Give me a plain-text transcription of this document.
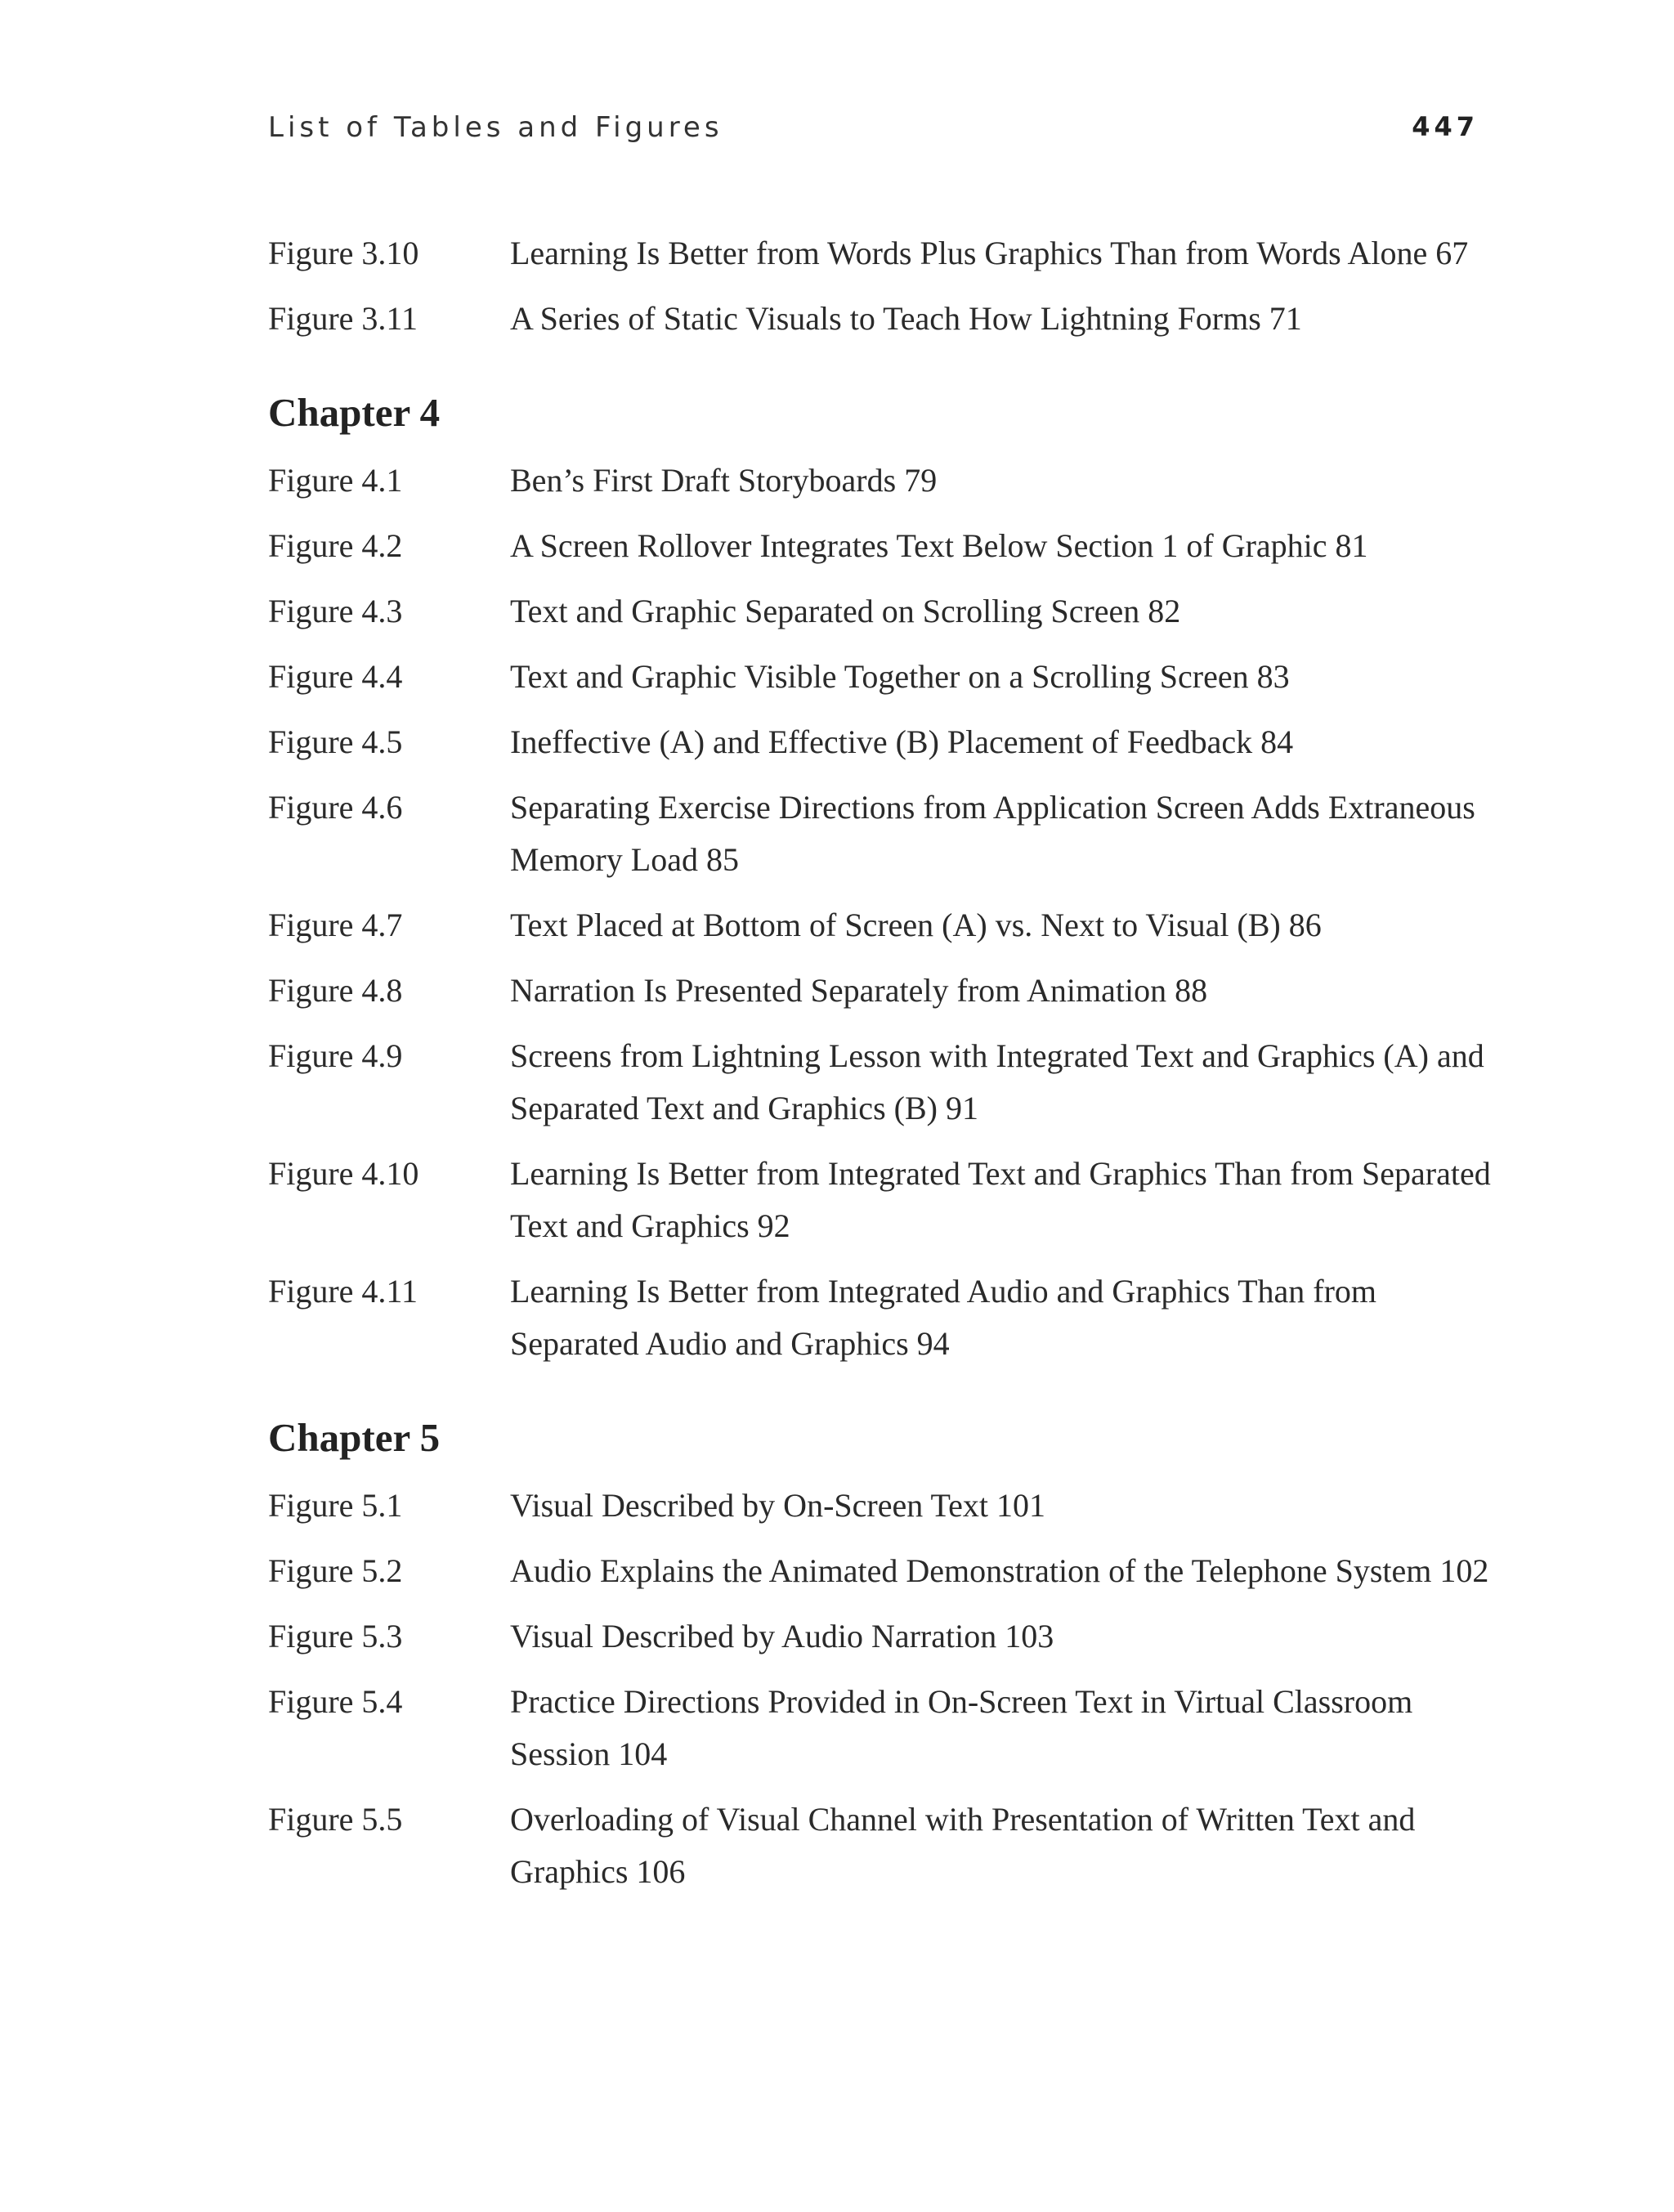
List of Tables and Figures	447
Figure 3.10	Learning Is Better from Words Plus Graphics Than from Words Alone 67
Figure 3.11	A Series of Static Visuals to Teach How Lightning Forms 71
Chapter 4
Figure 4.1	Ben’s First Draft Storyboards 79
Figure 4.2	A Screen Rollover Integrates Text Below Section 1 of Graphic 81
Figure 4.3	Text and Graphic Separated on Scrolling Screen 82
Figure 4.4	Text and Graphic Visible Together on a Scrolling Screen 83
Figure 4.5	Ineffective (A) and Effective (B) Placement of Feedback 84
Figure 4.6	Separating Exercise Directions from Application Screen Adds Extraneous Memory Load 85
Figure 4.7	Text Placed at Bottom of Screen (A) vs. Next to Visual (B) 86
Figure 4.8	Narration Is Presented Separately from Animation 88
Figure 4.9	Screens from Lightning Lesson with Integrated Text and Graphics (A) and Separated Text and Graphics (B) 91
Figure 4.10	Learning Is Better from Integrated Text and Graphics Than from Separated Text and Graphics 92
Figure 4.11	Learning Is Better from Integrated Audio and Graphics Than from Separated Audio and Graphics 94
Chapter 5
Figure 5.1	Visual Described by On-Screen Text 101
Figure 5.2	Audio Explains the Animated Demonstration of the Telephone System 102
Figure 5.3	Visual Described by Audio Narration 103
Figure 5.4	Practice Directions Provided in On-Screen Text in Virtual Classroom Session 104
Figure 5.5	Overloading of Visual Channel with Presentation of Written Text and Graphics 106
